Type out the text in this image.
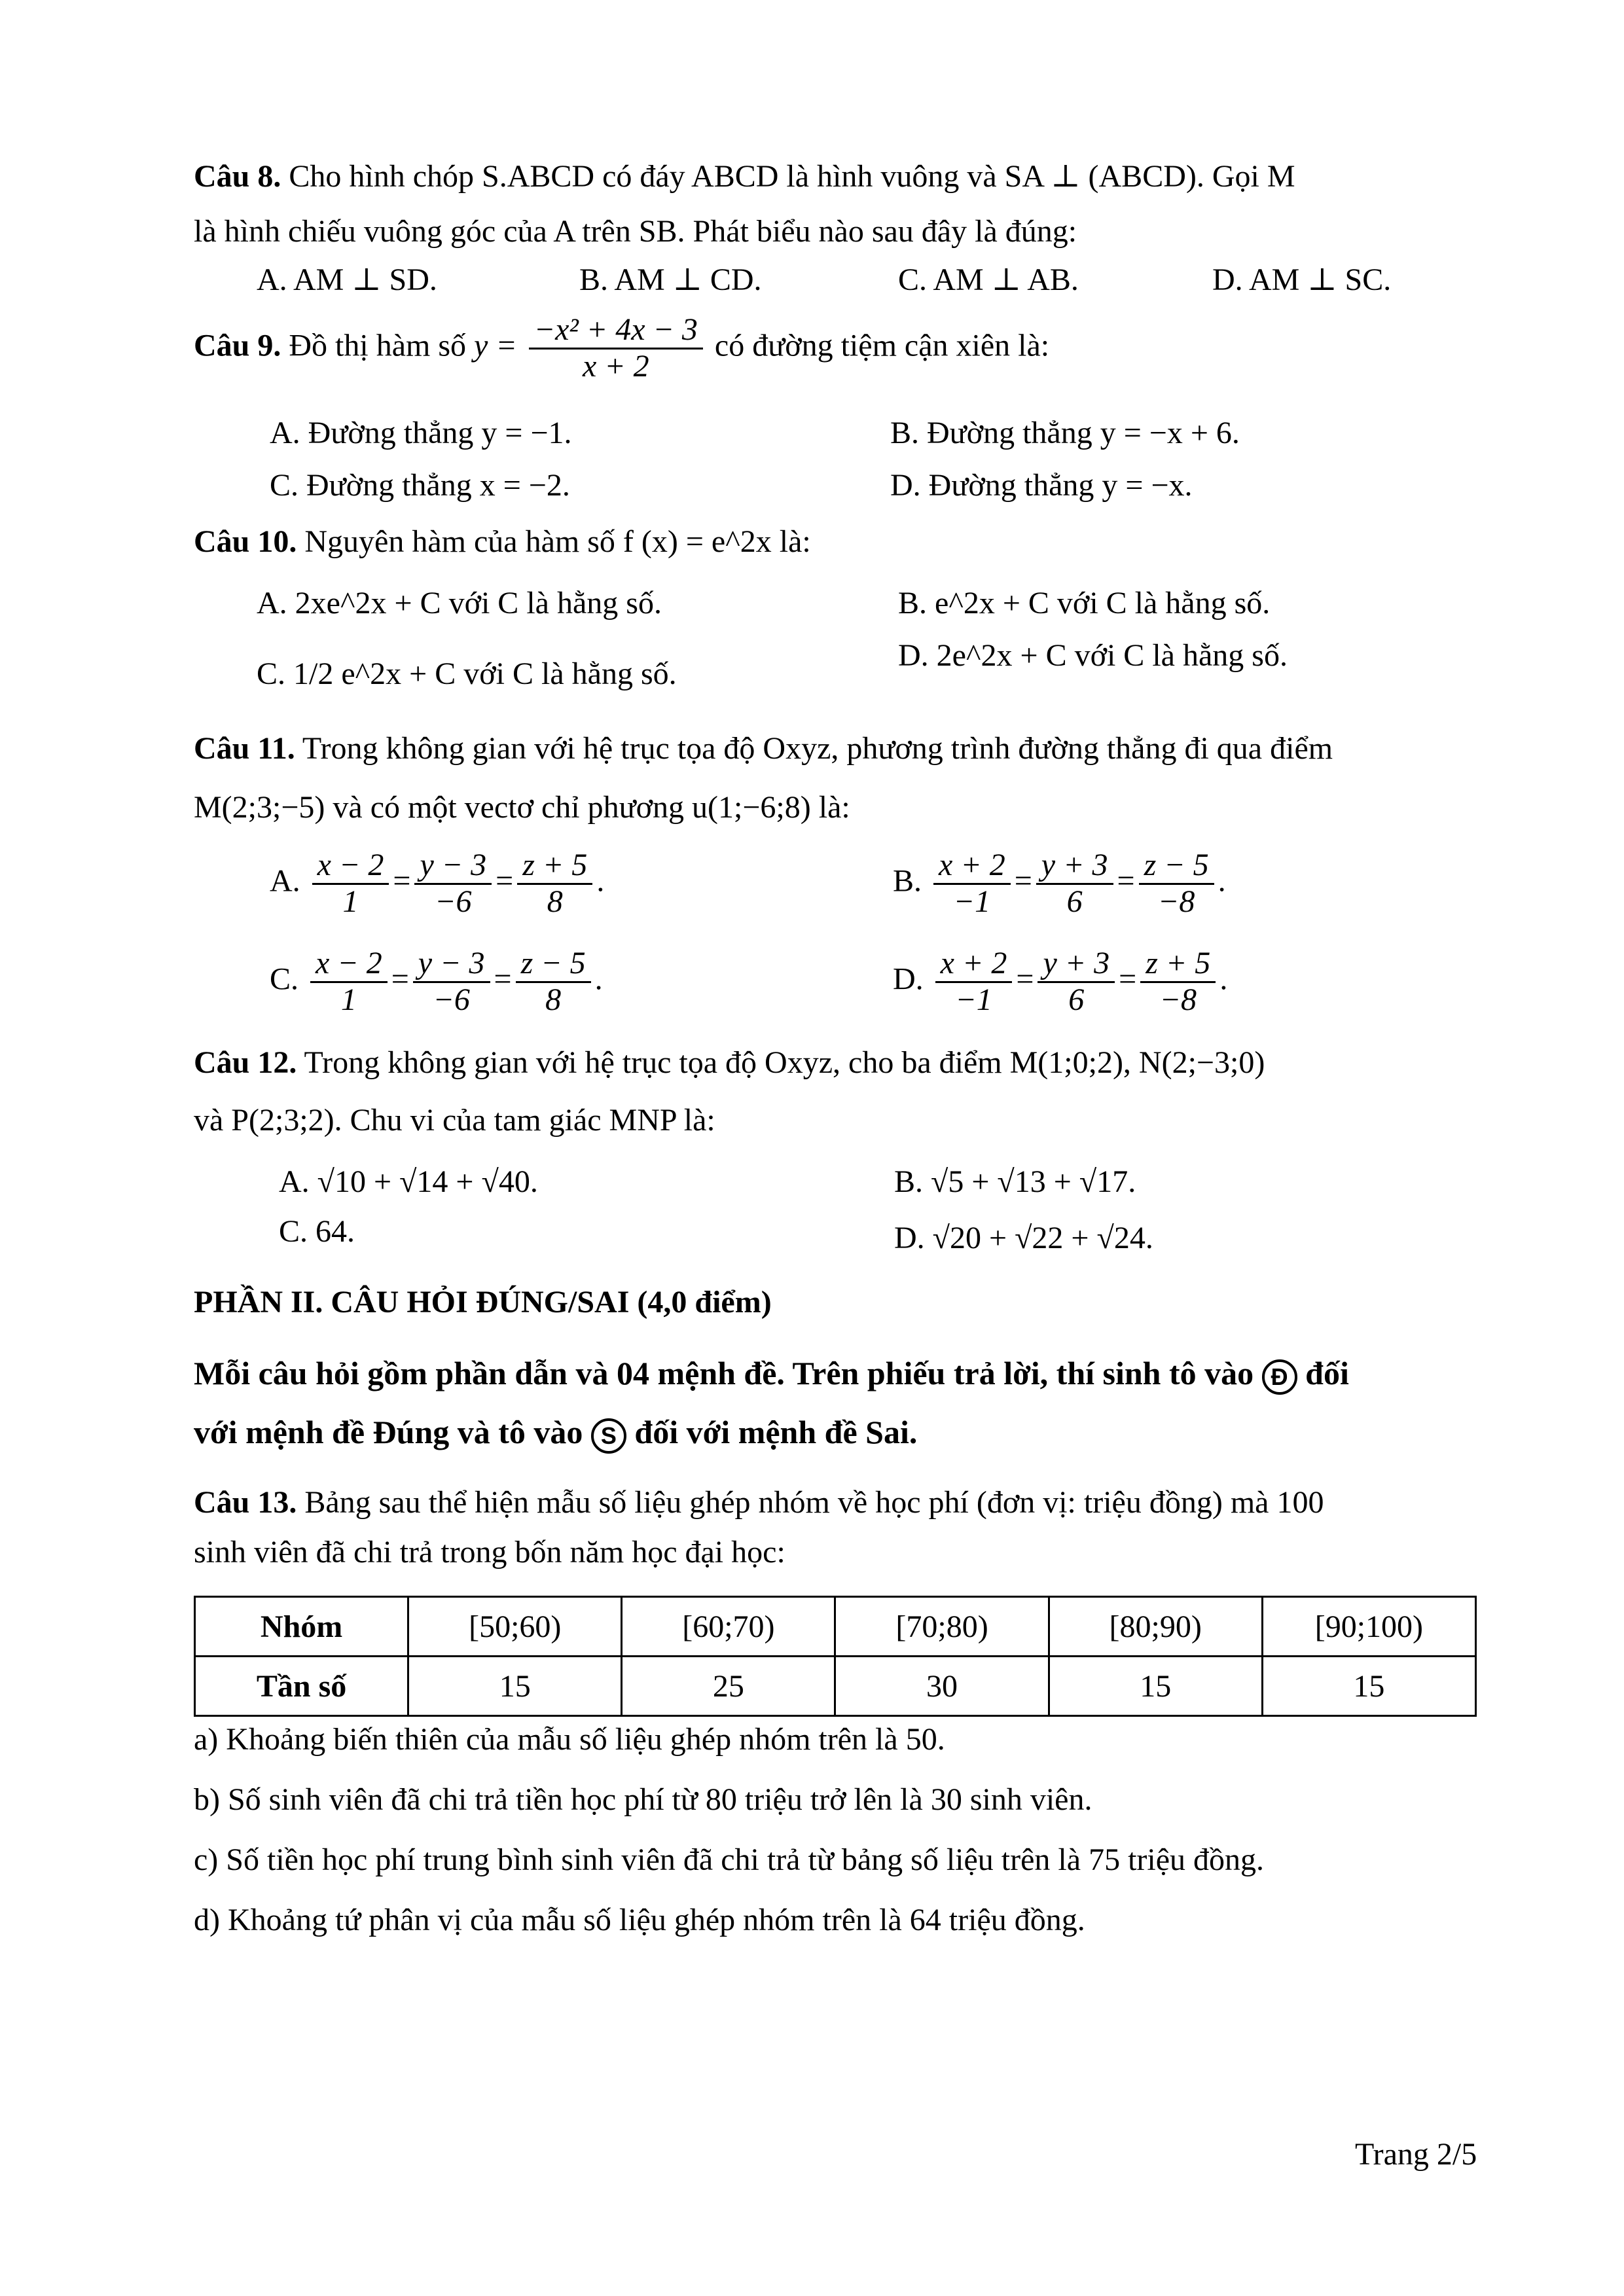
Câu 8. Cho hình chóp S.ABCD có đáy ABCD là hình vuông và SA ⊥ (ABCD). Gọi M
là hình chiếu vuông góc của A trên SB. Phát biểu nào sau đây là đúng:
A. AM ⊥ SD.	B. AM ⊥ CD.	C. AM ⊥ AB.	D. AM ⊥ SC.
Câu 9. Đồ thị hàm số $y = \frac{\text{−x² + 4x − 3}}{x + 2}$ có đường tiệm cận xiên là:
A. Đường thẳng y = −1.	B. Đường thẳng y = −x + 6.
C. Đường thẳng x = −2.	D. Đường thẳng y = −x.
Câu 10. Nguyên hàm của hàm số f (x) = e^2x là:
A. 2xe^2x + C với C là hằng số.	B. e^2x + C với C là hằng số.
C. 1/2 e^2x + C với C là hằng số.
D. 2e^2x + C với C là hằng số.
Câu 11. Trong không gian với hệ trục tọa độ Oxyz, phương trình đường thẳng đi qua điểm
M(2;3;−5) và có một vectơ chỉ phương u(1;−6;8) là:
A. $\frac{x - 2}{1} = \frac{y - 3}{-6} = \frac{z + 5}{8}$ .	B. $\frac{x + 2}{-1} = \frac{y + 3}{6} = \frac{z - 5}{-8}$ .
C. $\frac{x - 2}{1} = \frac{y - 3}{-6} = \frac{z - 5}{8}$ .	D. $\frac{x + 2}{-1} = \frac{y + 3}{6} = \frac{z + 5}{-8}$ .
Câu 12. Trong không gian với hệ trục tọa độ Oxyz, cho ba điểm M(1;0;2), N(2;−3;0)
và P(2;3;2). Chu vi của tam giác MNP là:
A. √10 + √14 + √40.	B. √5 + √13 + √17.
C. 64.	D. √20 + √22 + √24.
PHẦN II. CÂU HỎI ĐÚNG/SAI (4,0 điểm)
Mỗi câu hỏi gồm phần dẫn và 04 mệnh đề. Trên phiếu trả lời, thí sinh tô vào Đ đối
với mệnh đề Đúng và tô vào S đối với mệnh đề Sai.
Câu 13. Bảng sau thể hiện mẫu số liệu ghép nhóm về học phí (đơn vị: triệu đồng) mà 100
sinh viên đã chi trả trong bốn năm học đại học:
Nhóm	[50;60)	[60;70)	[70;80)	[80;90)	[90;100)
Tần số	15	25	30	15	15
a) Khoảng biến thiên của mẫu số liệu ghép nhóm trên là 50.
b) Số sinh viên đã chi trả tiền học phí từ 80 triệu trở lên là 30 sinh viên.
c) Số tiền học phí trung bình sinh viên đã chi trả từ bảng số liệu trên là 75 triệu đồng.
d) Khoảng tứ phân vị của mẫu số liệu ghép nhóm trên là 64 triệu đồng.
Trang 2/5
